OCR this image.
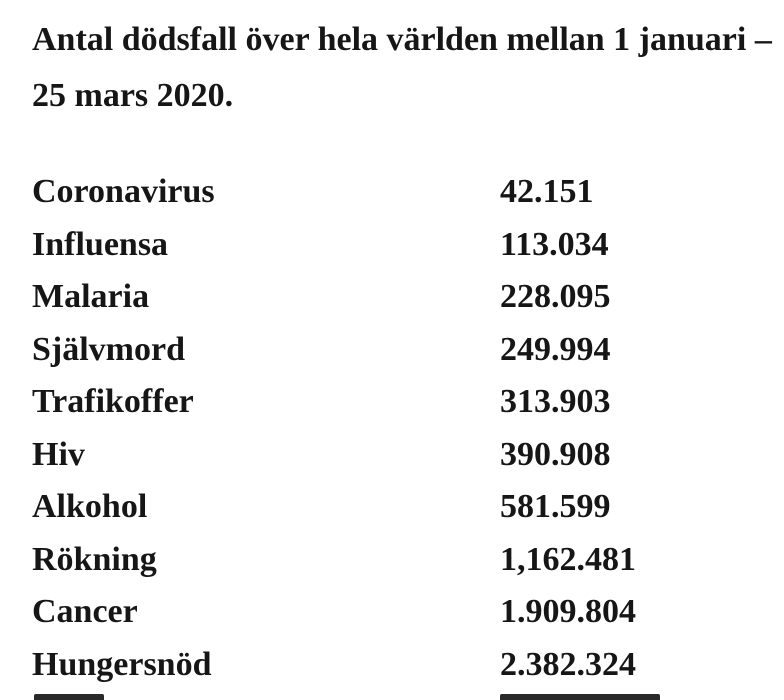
Antal dödsfall över hela världen mellan 1 januari – 25 mars 2020.
Coronavirus	42.151
Influensa	113.034
Malaria	228.095
Självmord	249.994
Trafikoffer	313.903
Hiv	390.908
Alkohol	581.599
Rökning	1,162.481
Cancer	1.909.804
Hungersnöd	2.382.324
